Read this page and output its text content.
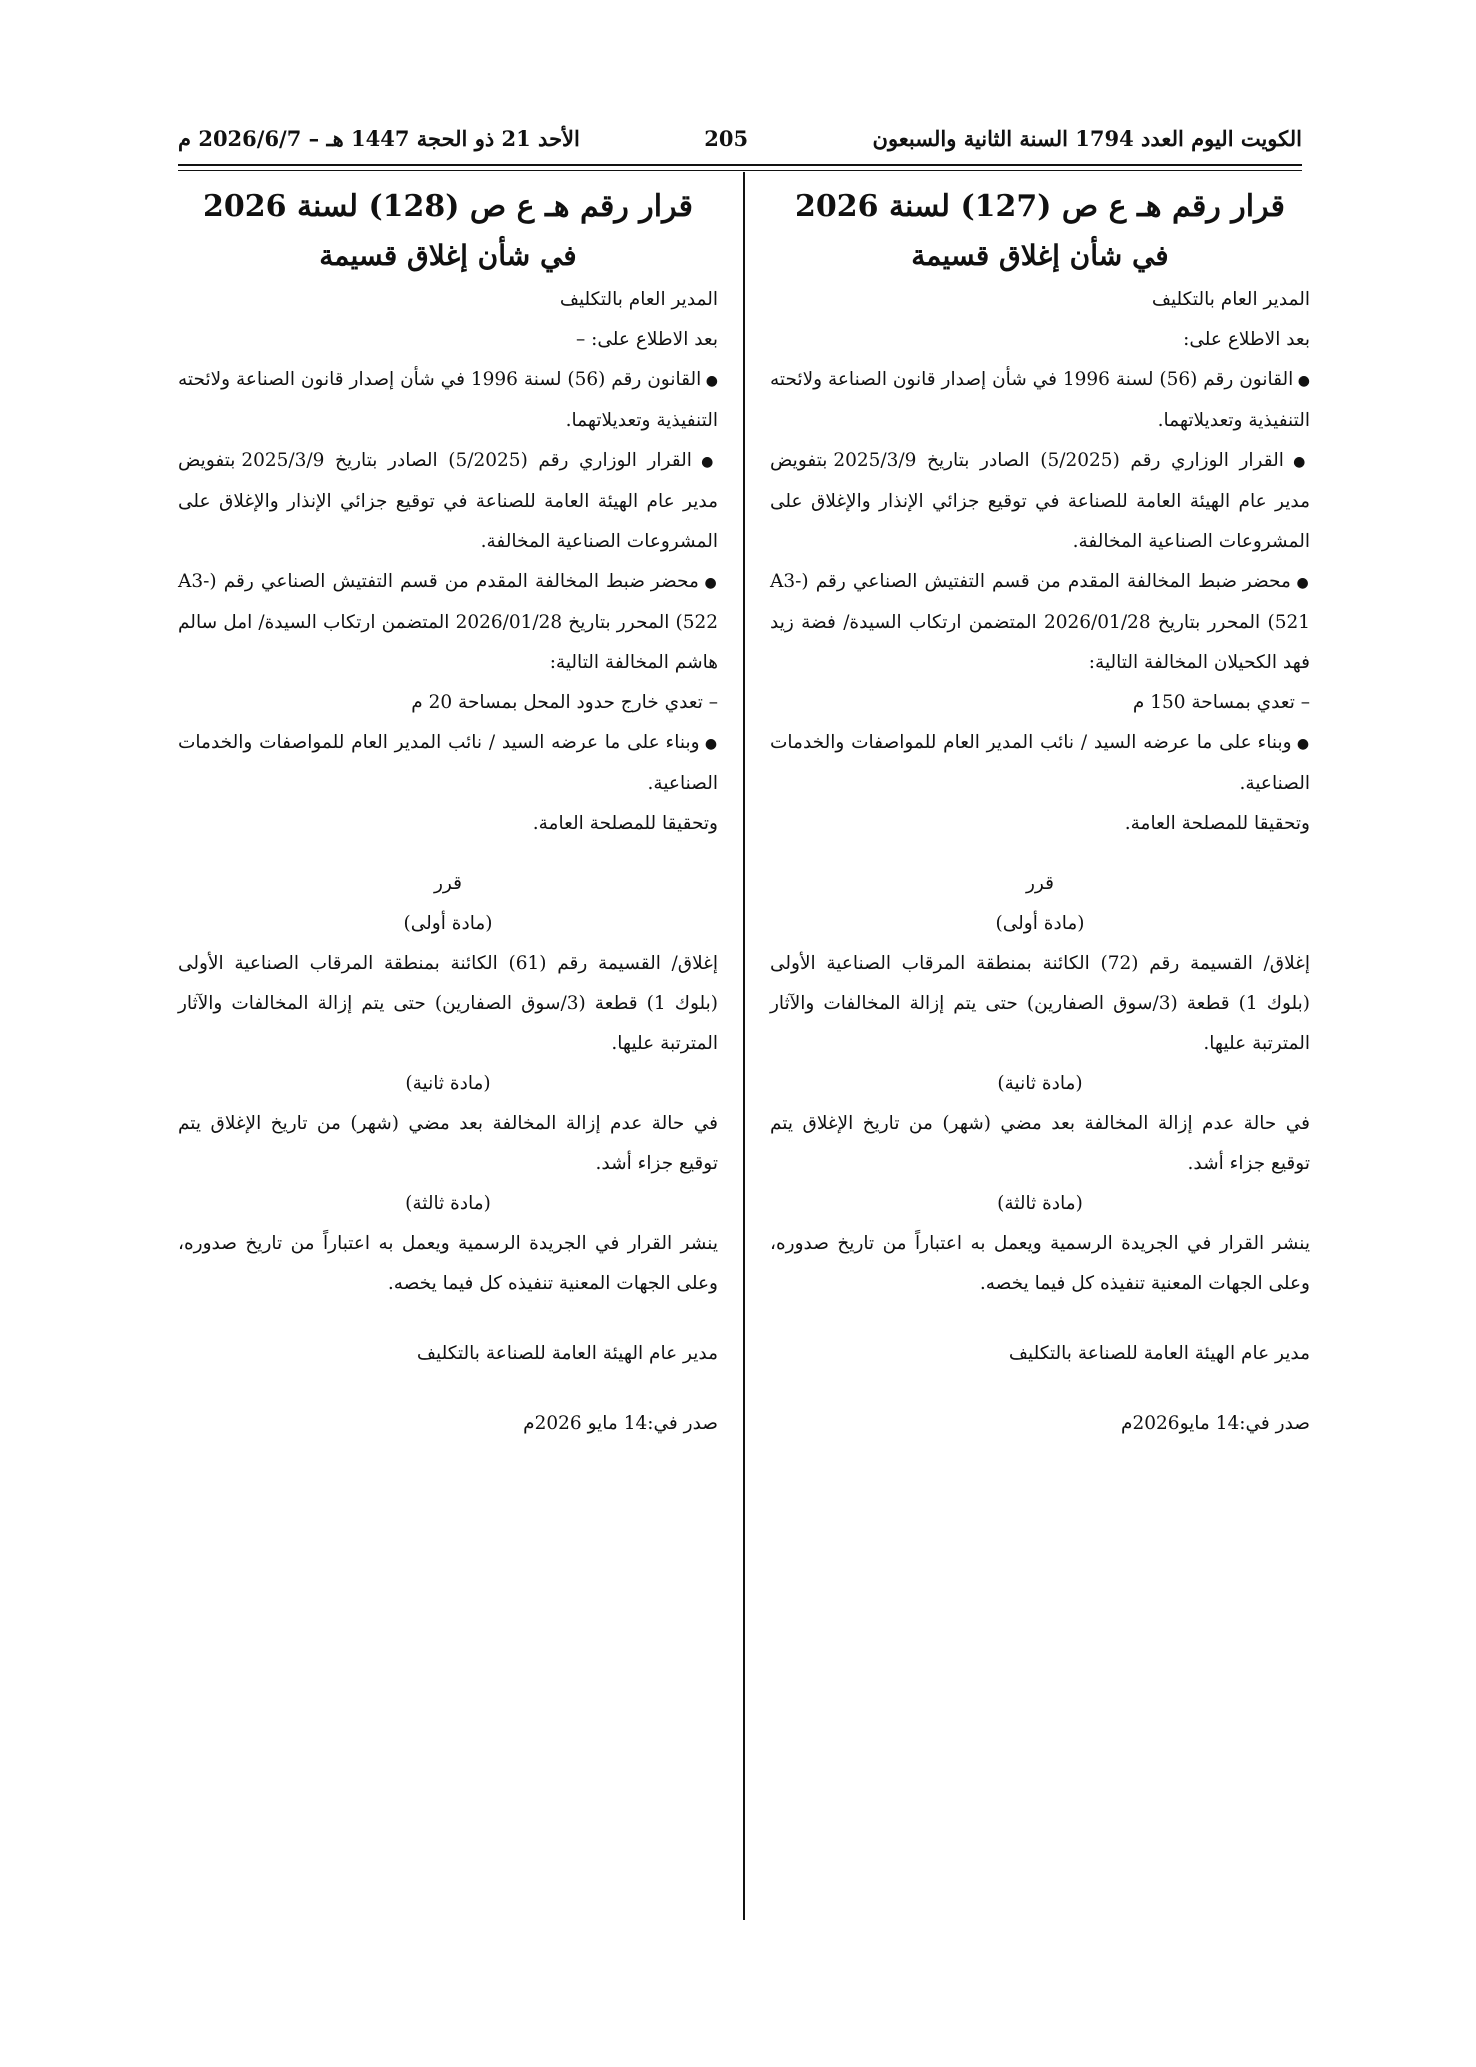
الكويت اليوم العدد 1794 السنة الثانية والسبعون
205
الأحد 21 ذو الحجة 1447 هـ – 2026/6/7 م

قرار رقم هـ ع ص (127) لسنة 2026

في شأن إغلاق قسيمة

المدير العام بالتكليف

بعد الاطلاع على:

● القانون رقم (56) لسنة 1996 في شأن إصدار قانون الصناعة ولائحته التنفيذية وتعديلاتهما.

● القرار الوزاري رقم (5/2025) الصادر بتاريخ 2025/3/9 بتفويض مدير عام الهيئة العامة للصناعة في توقيع جزائي الإنذار والإغلاق على المشروعات الصناعية المخالفة.

● محضر ضبط المخالفة المقدم من قسم التفتيش الصناعي رقم (A3-521) المحرر بتاريخ 2026/01/28 المتضمن ارتكاب السيدة/ فضة زيد فهد الكحيلان المخالفة التالية:

– تعدي بمساحة 150 م

● وبناء على ما عرضه السيد / نائب المدير العام للمواصفات والخدمات الصناعية.

وتحقيقا للمصلحة العامة.

قرر

(مادة أولى)

إغلاق/ القسيمة رقم (72) الكائنة بمنطقة المرقاب الصناعية الأولى (بلوك 1) قطعة (3/سوق الصفارين) حتى يتم إزالة المخالفات والآثار المترتبة عليها.

(مادة ثانية)

في حالة عدم إزالة المخالفة بعد مضي (شهر) من تاريخ الإغلاق يتم توقيع جزاء أشد.

(مادة ثالثة)

ينشر القرار في الجريدة الرسمية ويعمل به اعتباراً من تاريخ صدوره، وعلى الجهات المعنية تنفيذه كل فيما يخصه.

مدير عام الهيئة العامة للصناعة بالتكليف

صدر في:14 مايو2026م

قرار رقم هـ ع ص (128) لسنة 2026

في شأن إغلاق قسيمة

المدير العام بالتكليف

بعد الاطلاع على: –

● القانون رقم (56) لسنة 1996 في شأن إصدار قانون الصناعة ولائحته التنفيذية وتعديلاتهما.

● القرار الوزاري رقم (5/2025) الصادر بتاريخ 2025/3/9 بتفويض مدير عام الهيئة العامة للصناعة في توقيع جزائي الإنذار والإغلاق على المشروعات الصناعية المخالفة.

● محضر ضبط المخالفة المقدم من قسم التفتيش الصناعي رقم (A3-522) المحرر بتاريخ 2026/01/28 المتضمن ارتكاب السيدة/ امل سالم هاشم المخالفة التالية:

– تعدي خارج حدود المحل بمساحة 20 م

● وبناء على ما عرضه السيد / نائب المدير العام للمواصفات والخدمات الصناعية.

وتحقيقا للمصلحة العامة.

قرر

(مادة أولى)

إغلاق/ القسيمة رقم (61) الكائنة بمنطقة المرقاب الصناعية الأولى (بلوك 1) قطعة (3/سوق الصفارين) حتى يتم إزالة المخالفات والآثار المترتبة عليها.

(مادة ثانية)

في حالة عدم إزالة المخالفة بعد مضي (شهر) من تاريخ الإغلاق يتم توقيع جزاء أشد.

(مادة ثالثة)

ينشر القرار في الجريدة الرسمية ويعمل به اعتباراً من تاريخ صدوره، وعلى الجهات المعنية تنفيذه كل فيما يخصه.

مدير عام الهيئة العامة للصناعة بالتكليف

صدر في:14 مايو 2026م
